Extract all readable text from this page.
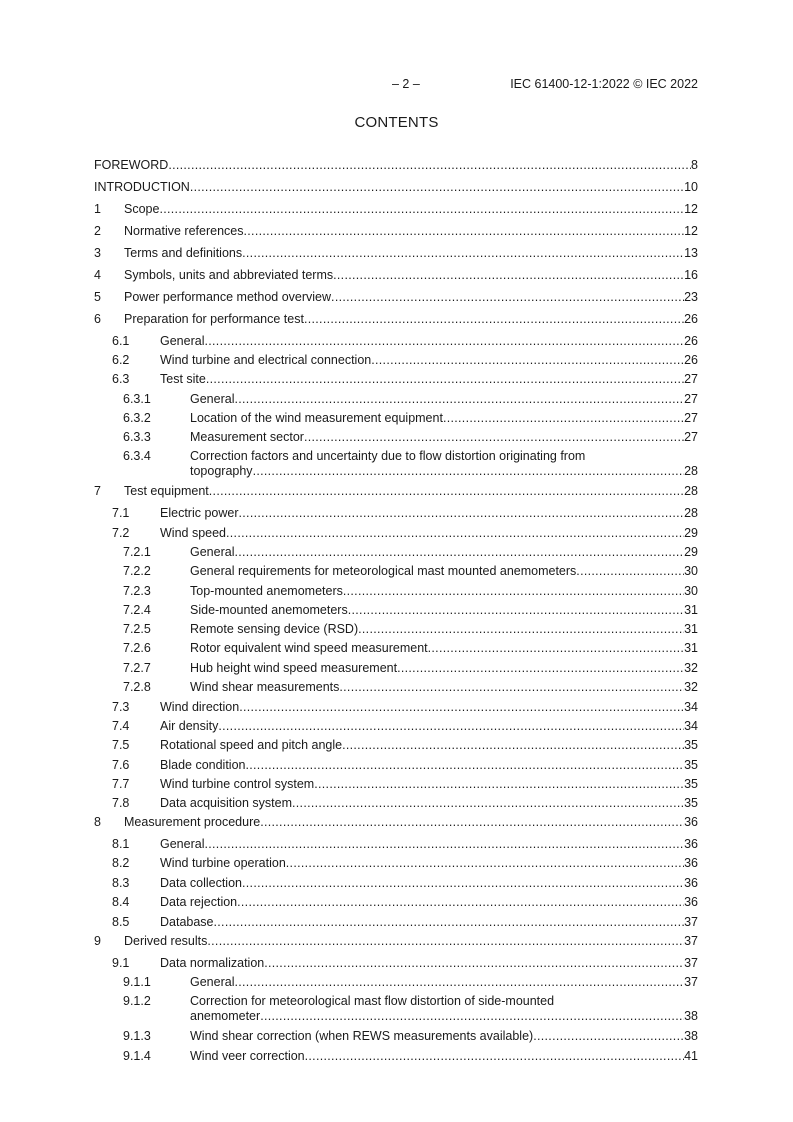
– 2 –	IEC 61400-12-1:2022 © IEC 2022
CONTENTS
FOREWORD .....	8
INTRODUCTION .....	10
1 Scope .....	12
2 Normative references .....	12
3 Terms and definitions .....	13
4 Symbols, units and abbreviated terms .....	16
5 Power performance method overview .....	23
6 Preparation for performance test .....	26
6.1 General .....	26
6.2 Wind turbine and electrical connection .....	26
6.3 Test site .....	27
6.3.1	General .....	27
6.3.2	Location of the wind measurement equipment .....	27
6.3.3	Measurement sector .....	27
6.3.4	Correction factors and uncertainty due to flow distortion originating from
topography .....	28
7 Test equipment .....	28
7.1 Electric power .....	28
7.2 Wind speed .....	29
7.2.1	General .....	29
7.2.2	General requirements for meteorological mast mounted anemometers .....	30
7.2.3	Top-mounted anemometers .....	30
7.2.4	Side-mounted anemometers .....	31
7.2.5	Remote sensing device (RSD) .....	31
7.2.6	Rotor equivalent wind speed measurement .....	31
7.2.7	Hub height wind speed measurement .....	32
7.2.8	Wind shear measurements .....	32
7.3 Wind direction .....	34
7.4 Air density .....	34
7.5 Rotational speed and pitch angle .....	35
7.6 Blade condition .....	35
7.7 Wind turbine control system .....	35
7.8 Data acquisition system .....	35
8 Measurement procedure .....	36
8.1 General .....	36
8.2 Wind turbine operation .....	36
8.3 Data collection .....	36
8.4 Data rejection .....	36
8.5 Database .....	37
9 Derived results .....	37
9.1 Data normalization .....	37
9.1.1	General .....	37
9.1.2	Correction for meteorological mast flow distortion of side-mounted
anemometer .....	38
9.1.3	Wind shear correction (when REWS measurements available) .....	38
9.1.4	Wind veer correction .....	41
